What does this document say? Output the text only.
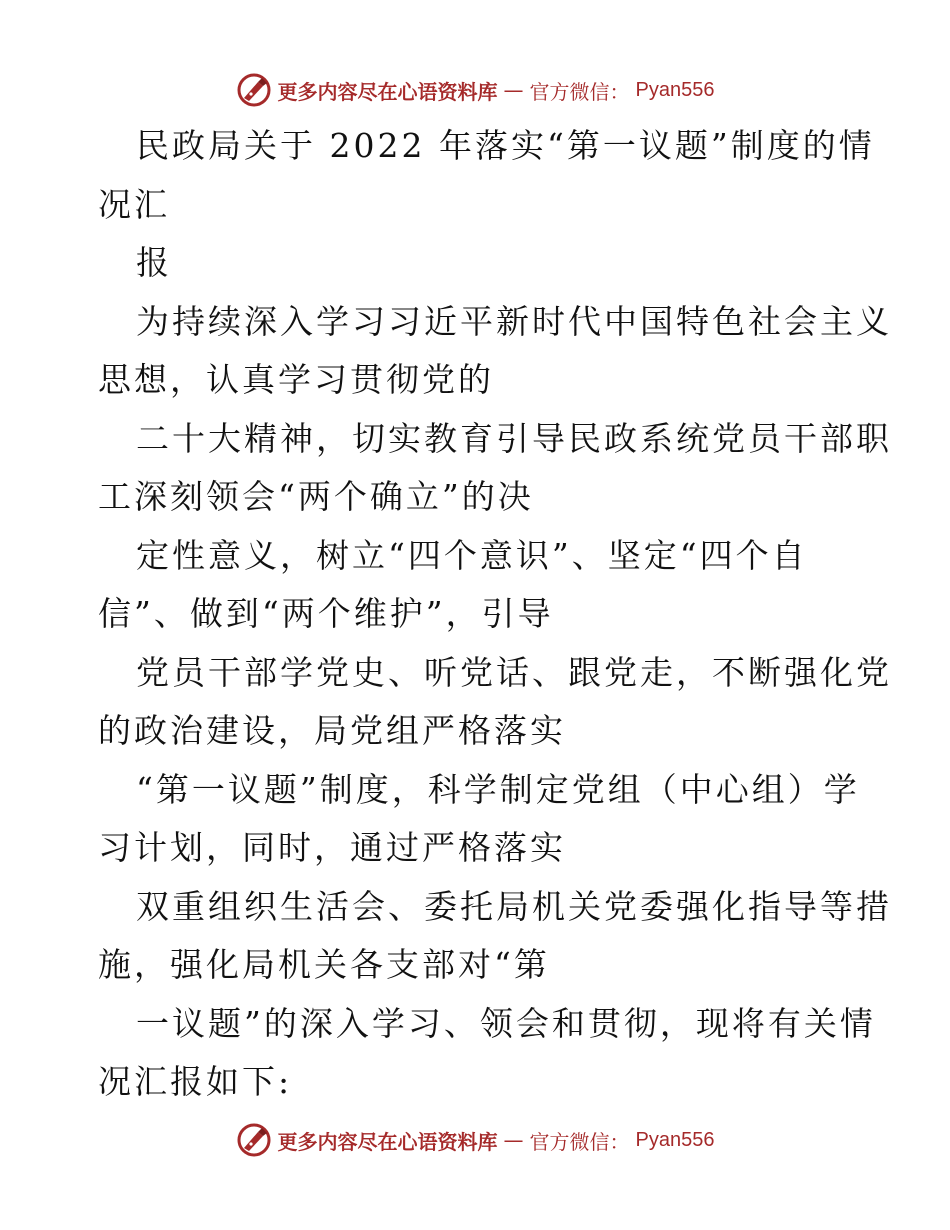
更多内容尽在心语资料库 — 官方微信： Pyan556
民政局关于 2022 年落实“第一议题”制度的情
况汇
报
为持续深入学习习近平新时代中国特色社会主义
思想，认真学习贯彻党的
二十大精神，切实教育引导民政系统党员干部职
工深刻领会“两个确立”的决
定性意义，树立“四个意识”、坚定“四个自
信”、做到“两个维护”，引导
党员干部学党史、听党话、跟党走，不断强化党
的政治建设，局党组严格落实
“第一议题”制度，科学制定党组（中心组）学
习计划，同时，通过严格落实
双重组织生活会、委托局机关党委强化指导等措
施，强化局机关各支部对“第
一议题”的深入学习、领会和贯彻，现将有关情
况汇报如下:
更多内容尽在心语资料库 — 官方微信： Pyan556
